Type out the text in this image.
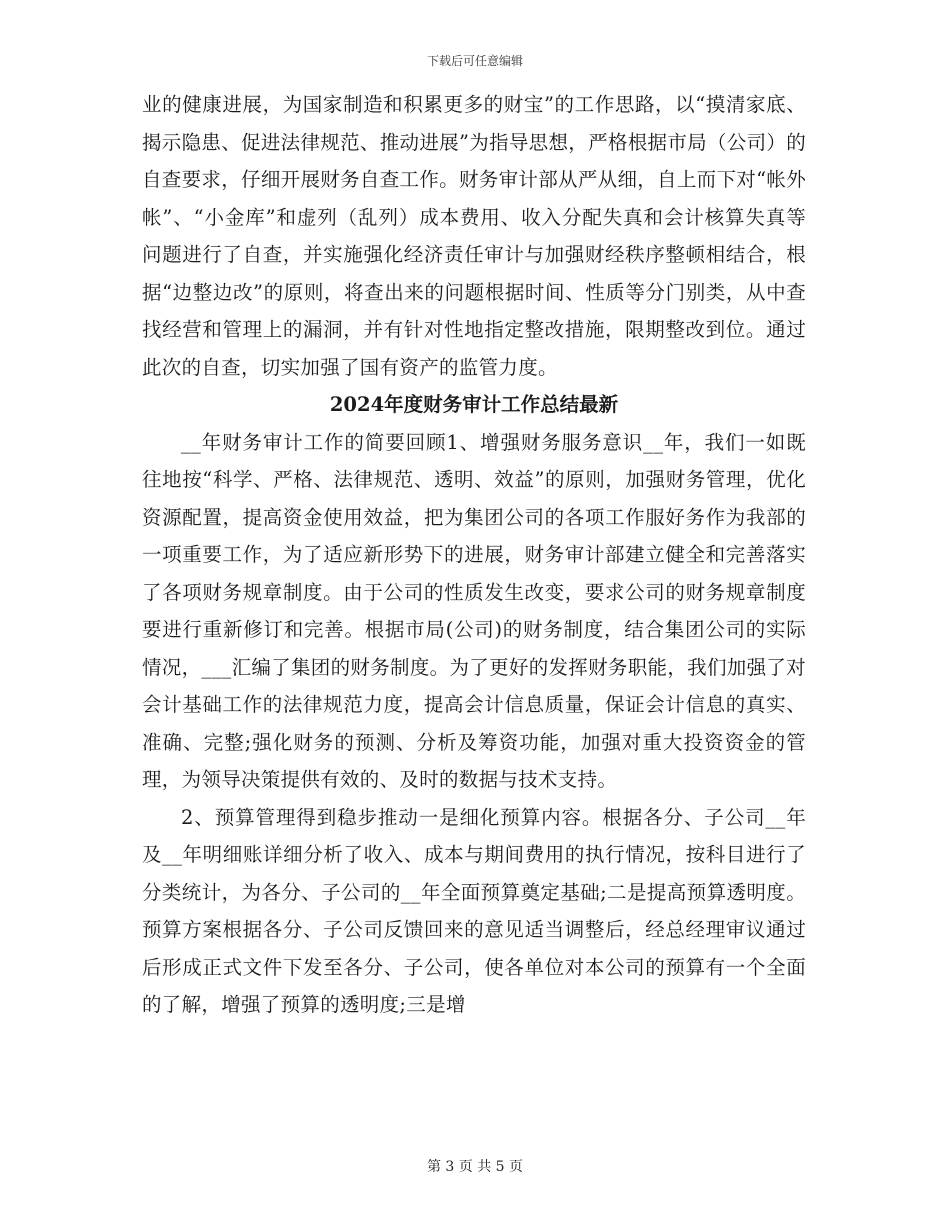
下载后可任意编辑

业的健康进展，为国家制造和积累更多的财宝”的工作思路，以“摸清家底、揭示隐患、促进法律规范、推动进展”为指导思想，严格根据市局（公司）的自查要求，仔细开展财务自查工作。财务审计部从严从细，自上而下对“帐外帐”、“小金库”和虚列（乱列）成本费用、收入分配失真和会计核算失真等问题进行了自查，并实施强化经济责任审计与加强财经秩序整顿相结合，根据“边整边改”的原则，将查出来的问题根据时间、性质等分门别类，从中查找经营和管理上的漏洞，并有针对性地指定整改措施，限期整改到位。通过此次的自查，切实加强了国有资产的监管力度。

2024年度财务审计工作总结最新

__年财务审计工作的简要回顾1、增强财务服务意识__年，我们一如既往地按“科学、严格、法律规范、透明、效益”的原则，加强财务管理，优化资源配置，提高资金使用效益，把为集团公司的各项工作服好务作为我部的一项重要工作，为了适应新形势下的进展，财务审计部建立健全和完善落实了各项财务规章制度。由于公司的性质发生改变，要求公司的财务规章制度要进行重新修订和完善。根据市局(公司)的财务制度，结合集团公司的实际情况，___汇编了集团的财务制度。为了更好的发挥财务职能，我们加强了对会计基础工作的法律规范力度，提高会计信息质量，保证会计信息的真实、准确、完整;强化财务的预测、分析及筹资功能，加强对重大投资资金的管理，为领导决策提供有效的、及时的数据与技术支持。

2、预算管理得到稳步推动一是细化预算内容。根据各分、子公司__年及__年明细账详细分析了收入、成本与期间费用的执行情况，按科目进行了分类统计，为各分、子公司的__年全面预算奠定基础;二是提高预算透明度。预算方案根据各分、子公司反馈回来的意见适当调整后，经总经理审议通过后形成正式文件下发至各分、子公司，使各单位对本公司的预算有一个全面的了解，增强了预算的透明度;三是增

第 3 页 共 5 页
